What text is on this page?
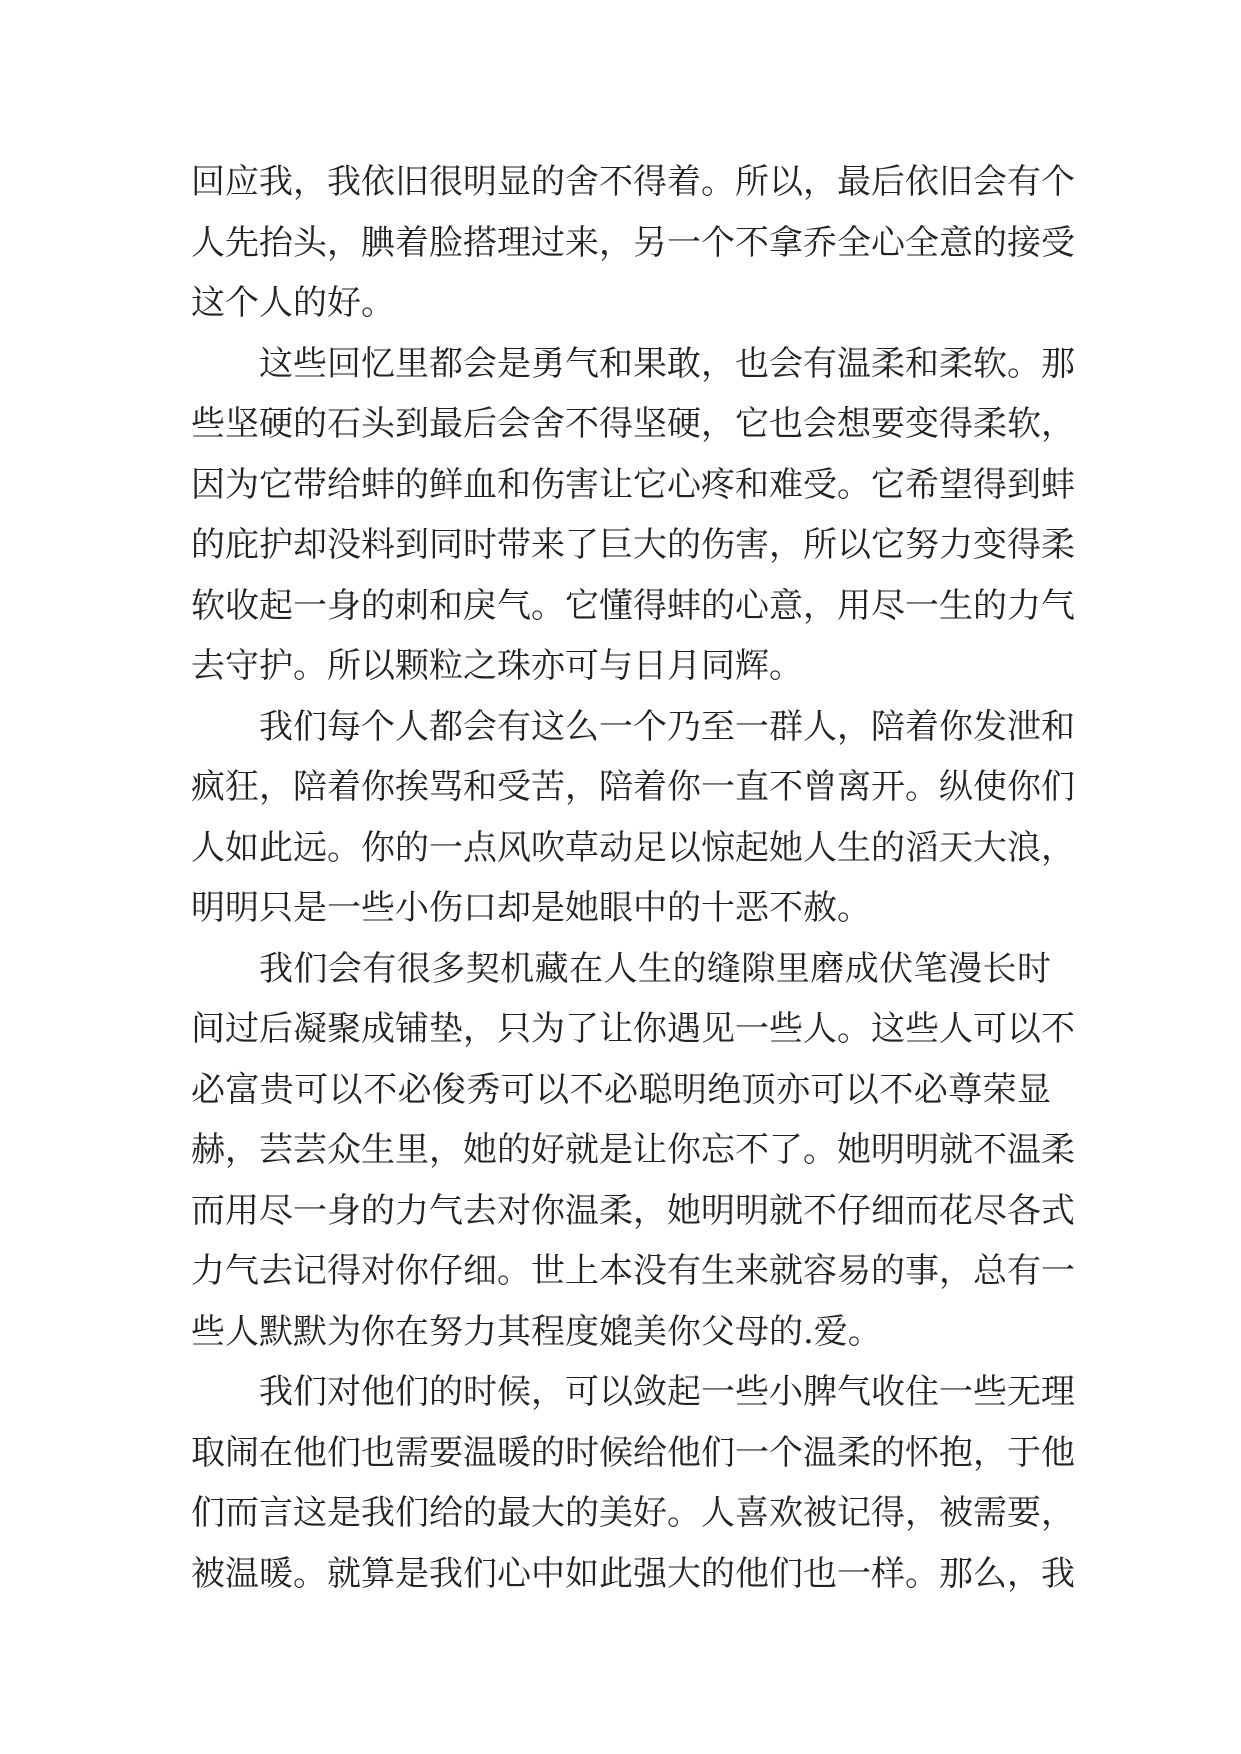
回应我，我依旧很明显的舍不得着。所以，最后依旧会有个
人先抬头，腆着脸搭理过来，另一个不拿乔全心全意的接受
这个人的好。
这些回忆里都会是勇气和果敢，也会有温柔和柔软。那
些坚硬的石头到最后会舍不得坚硬，它也会想要变得柔软，
因为它带给蚌的鲜血和伤害让它心疼和难受。它希望得到蚌
的庇护却没料到同时带来了巨大的伤害，所以它努力变得柔
软收起一身的刺和戾气。它懂得蚌的心意，用尽一生的力气
去守护。所以颗粒之珠亦可与日月同辉。
我们每个人都会有这么一个乃至一群人，陪着你发泄和
疯狂，陪着你挨骂和受苦，陪着你一直不曾离开。纵使你们
人如此远。你的一点风吹草动足以惊起她人生的滔天大浪，
明明只是一些小伤口却是她眼中的十恶不赦。
我们会有很多契机藏在人生的缝隙里磨成伏笔漫长时
间过后凝聚成铺垫，只为了让你遇见一些人。这些人可以不
必富贵可以不必俊秀可以不必聪明绝顶亦可以不必尊荣显
赫，芸芸众生里，她的好就是让你忘不了。她明明就不温柔
而用尽一身的力气去对你温柔，她明明就不仔细而花尽各式
力气去记得对你仔细。世上本没有生来就容易的事，总有一
些人默默为你在努力其程度媲美你父母的.爱。
我们对他们的时候，可以敛起一些小脾气收住一些无理
取闹在他们也需要温暖的时候给他们一个温柔的怀抱，于他
们而言这是我们给的最大的美好。人喜欢被记得，被需要，
被温暖。就算是我们心中如此强大的他们也一样。那么，我
